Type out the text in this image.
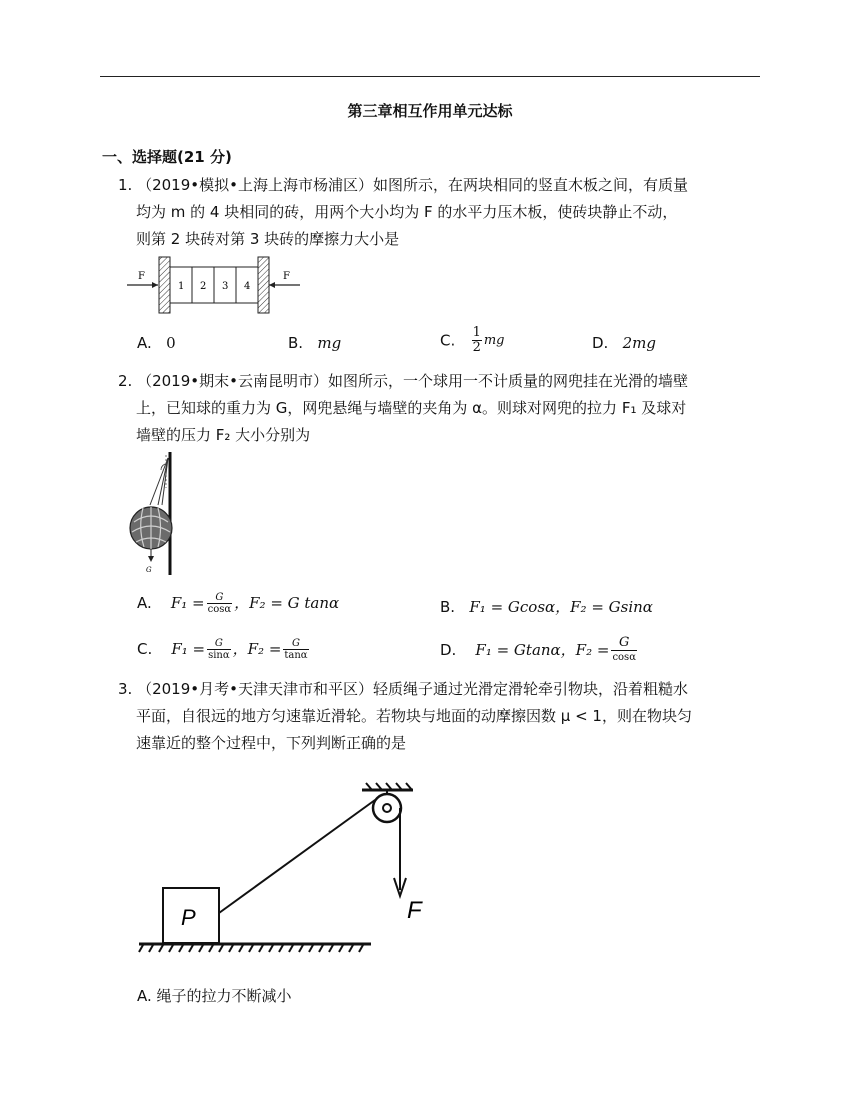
第三章相互作用单元达标
一、选择题(21 分)
1. （2019•模拟•上海上海市杨浦区）如图所示，在两块相同的竖直木板之间，有质量
均为 m 的 4 块相同的砖，用两个大小均为 F 的水平力压木板，使砖块静止不动，
则第 2 块砖对第 3 块砖的摩擦力大小是
F
1 2 3 4
F
A. 0	B. mg	C. $\frac{1}{2}$ mg	D. 2mg
2. （2019•期末•云南昆明市）如图所示，一个球用一不计质量的网兜挂在光滑的墙壁
上，已知球的重力为 G，网兜悬绳与墙壁的夹角为 α。则球对网兜的拉力 F₁ 及球对
墙壁的压力 F₂ 大小分别为
G
A. $F_1 = \frac{G}{\cos\alpha}$ ，F₂ = G tanα	B. F₁ = Gcosα，F₂ = Gsinα
C. $F_1 = \frac{G}{\sin\alpha}$ ，$F_2 = \frac{G}{\tan\alpha}$	D. F₁ = Gtanα，$F_2 = \frac{G}{\cos\alpha}$
3. （2019•月考•天津天津市和平区）轻质绳子通过光滑定滑轮牵引物块，沿着粗糙水
平面，自很远的地方匀速靠近滑轮。若物块与地面的动摩擦因数 μ < 1，则在物块匀
速靠近的整个过程中，下列判断正确的是
F
P
A. 绳子的拉力不断减小
